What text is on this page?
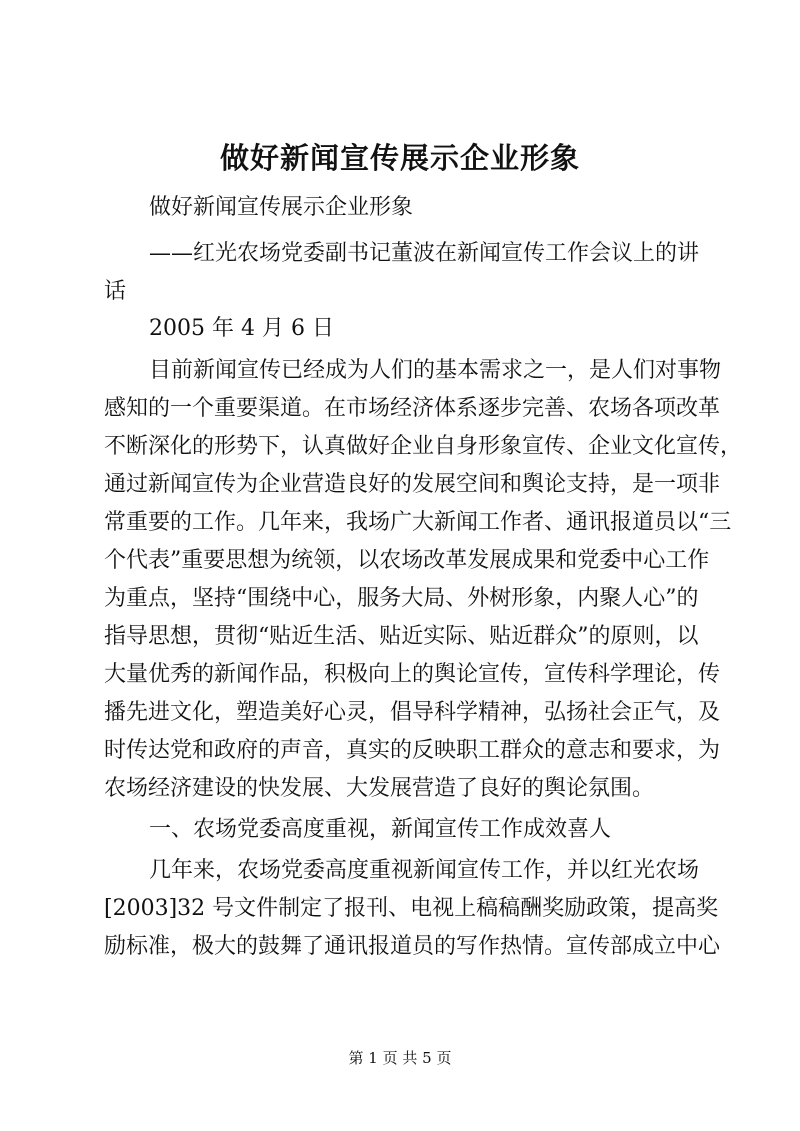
做好新闻宣传展示企业形象
做好新闻宣传展示企业形象
——红光农场党委副书记董波在新闻宣传工作会议上的讲
话
2005 年 4 月 6 日
目前新闻宣传已经成为人们的基本需求之一，是人们对事物
感知的一个重要渠道。在市场经济体系逐步完善、农场各项改革
不断深化的形势下，认真做好企业自身形象宣传、企业文化宣传，
通过新闻宣传为企业营造良好的发展空间和舆论支持，是一项非
常重要的工作。几年来，我场广大新闻工作者、通讯报道员以“三
个代表”重要思想为统领，以农场改革发展成果和党委中心工作
为重点，坚持“围绕中心，服务大局、外树形象，内聚人心”的
指导思想，贯彻“贴近生活、贴近实际、贴近群众”的原则，以
大量优秀的新闻作品，积极向上的舆论宣传，宣传科学理论，传
播先进文化，塑造美好心灵，倡导科学精神，弘扬社会正气，及
时传达党和政府的声音，真实的反映职工群众的意志和要求，为
农场经济建设的快发展、大发展营造了良好的舆论氛围。
一、农场党委高度重视，新闻宣传工作成效喜人
几年来，农场党委高度重视新闻宣传工作，并以红光农场
[2003]32 号文件制定了报刊、电视上稿稿酬奖励政策，提高奖
励标准，极大的鼓舞了通讯报道员的写作热情。宣传部成立中心
第 1 页 共 5 页
